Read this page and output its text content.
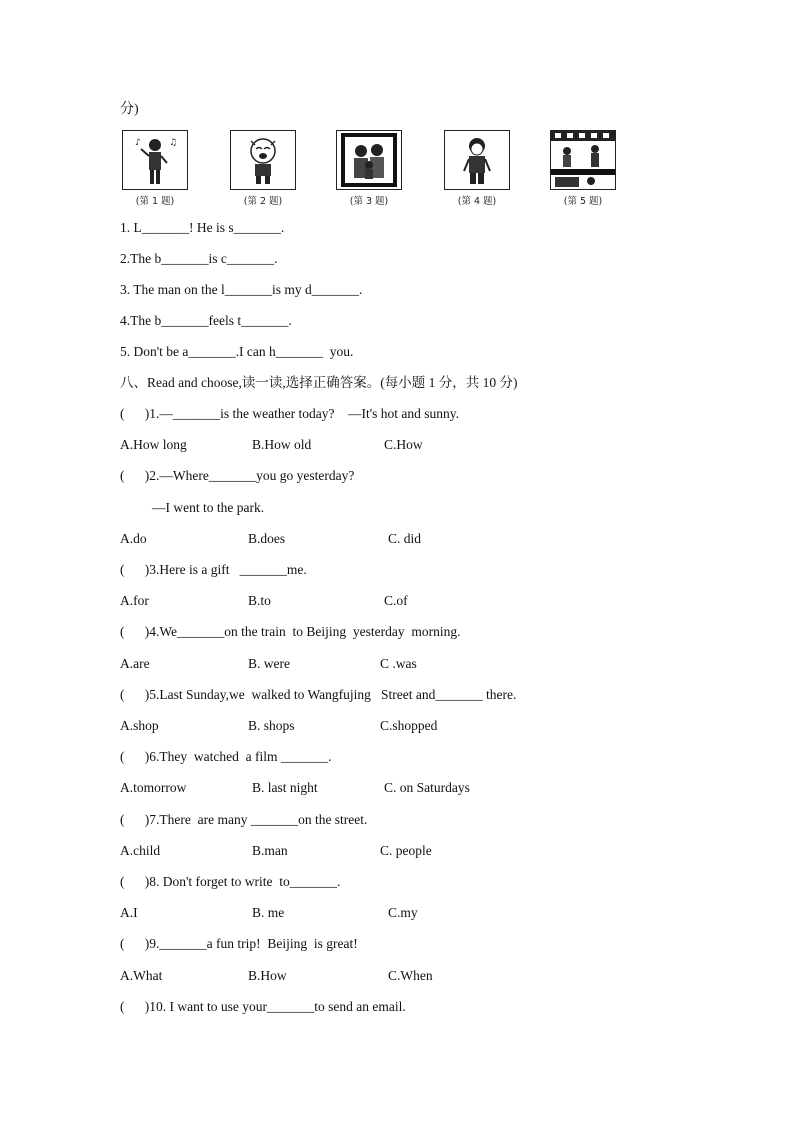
分)
♪	♫
(第 1 题)	(第 2 题)	(第 3 题)	(第 4 题)	(第 5 题)
1. L_______! He is s_______.
2.The b_______is c_______.
3. The man on the l_______is my d_______.
4.The b_______feels t_______.
5. Don't be a_______.I can h_______  you.
八、Read and choose,读一读,选择正确答案。(每小题 1 分，共 10 分)
(      )1.—_______is the weather today?    —It's hot and sunny.
A.How long	B.How old	C.How
(      )2.—Where_______you go yesterday?
—I went to the park.
A.do	B.does	C. did
(      )3.Here is a gift   _______me.
A.for	B.to	C.of
(      )4.We_______on the train  to Beijing  yesterday  morning.
A.are	B. were	C .was
(      )5.Last Sunday,we  walked to Wangfujing   Street and_______ there.
A.shop	B. shops	C.shopped
(      )6.They  watched  a film _______.
A.tomorrow	B. last night	C. on Saturdays
(      )7.There  are many _______on the street.
A.child	B.man	C. people
(      )8. Don't forget to write  to_______.
A.I	B. me	C.my
(      )9._______a fun trip!  Beijing  is great!
A.What	B.How	C.When
(      )10. I want to use your_______to send an email.
